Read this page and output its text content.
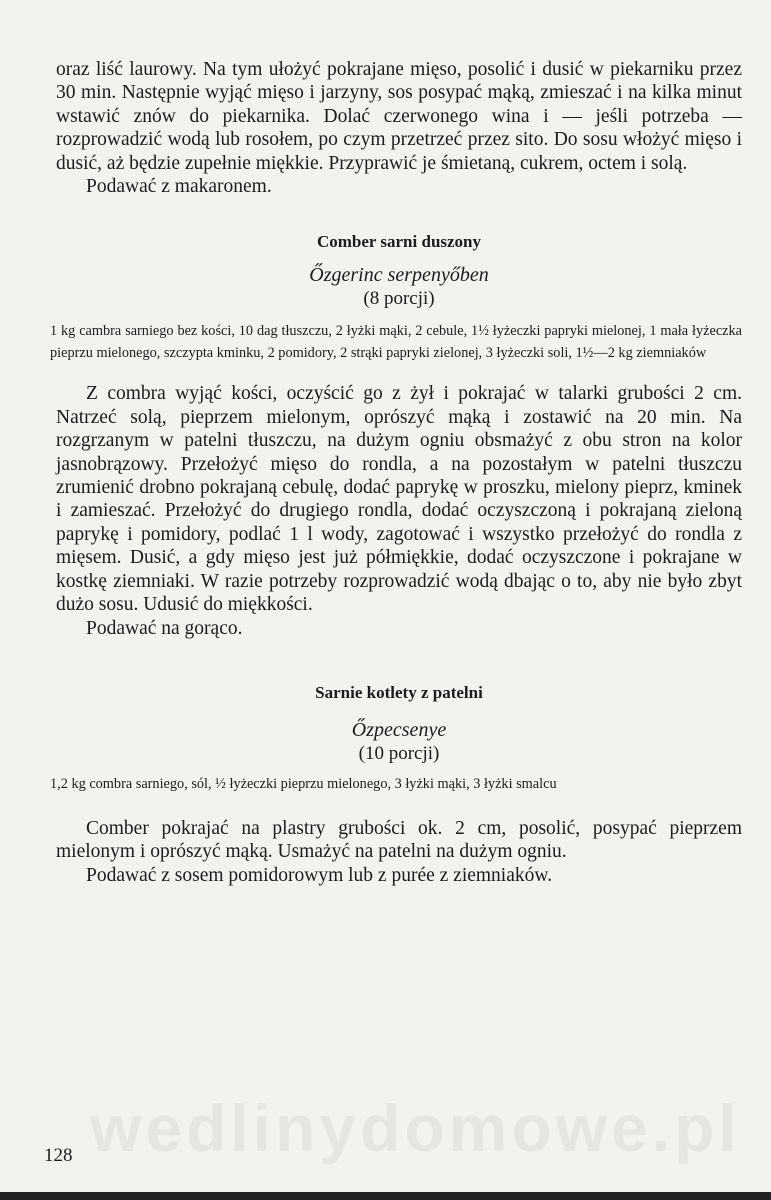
wedlinydomowe.pl

oraz liść laurowy. Na tym ułożyć pokrajane mięso, posolić i dusić w piekarniku przez 30 min. Następnie wyjąć mięso i jarzyny, sos posypać mąką, zmieszać i na kilka minut wstawić znów do piekarnika. Dolać czerwonego wina i — jeśli potrzeba — rozprowadzić wodą lub rosołem, po czym przetrzeć przez sito. Do sosu włożyć mięso i dusić, aż będzie zupełnie miękkie. Przyprawić je śmietaną, cukrem, octem i solą.

Podawać z makaronem.

Comber sarni duszony

Őzgerinc serpenyőben

(8 porcji)

1 kg cambra sarniego bez kości, 10 dag tłuszczu, 2 łyżki mąki, 2 cebule, 1½ łyżeczki papryki mielonej, 1 mała łyżeczka pieprzu mielonego, szczypta kminku, 2 pomidory, 2 strąki papryki zielonej, 3 łyżeczki soli, 1½—2 kg ziemniaków

Z combra wyjąć kości, oczyścić go z żył i pokrajać w talarki grubości 2 cm. Natrzeć solą, pieprzem mielonym, oprószyć mąką i zostawić na 20 min. Na rozgrzanym w patelni tłuszczu, na dużym ogniu obsmażyć z obu stron na kolor jasnobrązowy. Przełożyć mięso do rondla, a na pozostałym w patelni tłuszczu zrumienić drobno pokrajaną cebulę, dodać paprykę w proszku, mielony pieprz, kminek i zamieszać. Przełożyć do drugiego rondla, dodać oczyszczoną i pokrajaną zieloną paprykę i pomidory, podlać 1 l wody, zagotować i wszystko przełożyć do rondla z mięsem. Dusić, a gdy mięso jest już półmiękkie, dodać oczyszczone i pokrajane w kostkę ziemniaki. W razie potrzeby rozprowadzić wodą dbając o to, aby nie było zbyt dużo sosu. Udusić do miękkości.

Podawać na gorąco.

Sarnie kotlety z patelni

Őzpecsenye

(10 porcji)

1,2 kg combra sarniego, sól, ½ łyżeczki pieprzu mielonego, 3 łyżki mąki, 3 łyżki smalcu

Comber pokrajać na plastry grubości ok. 2 cm, posolić, posypać pieprzem mielonym i oprószyć mąką. Usmażyć na patelni na dużym ogniu.

Podawać z sosem pomidorowym lub z purée z ziemniaków.

128
